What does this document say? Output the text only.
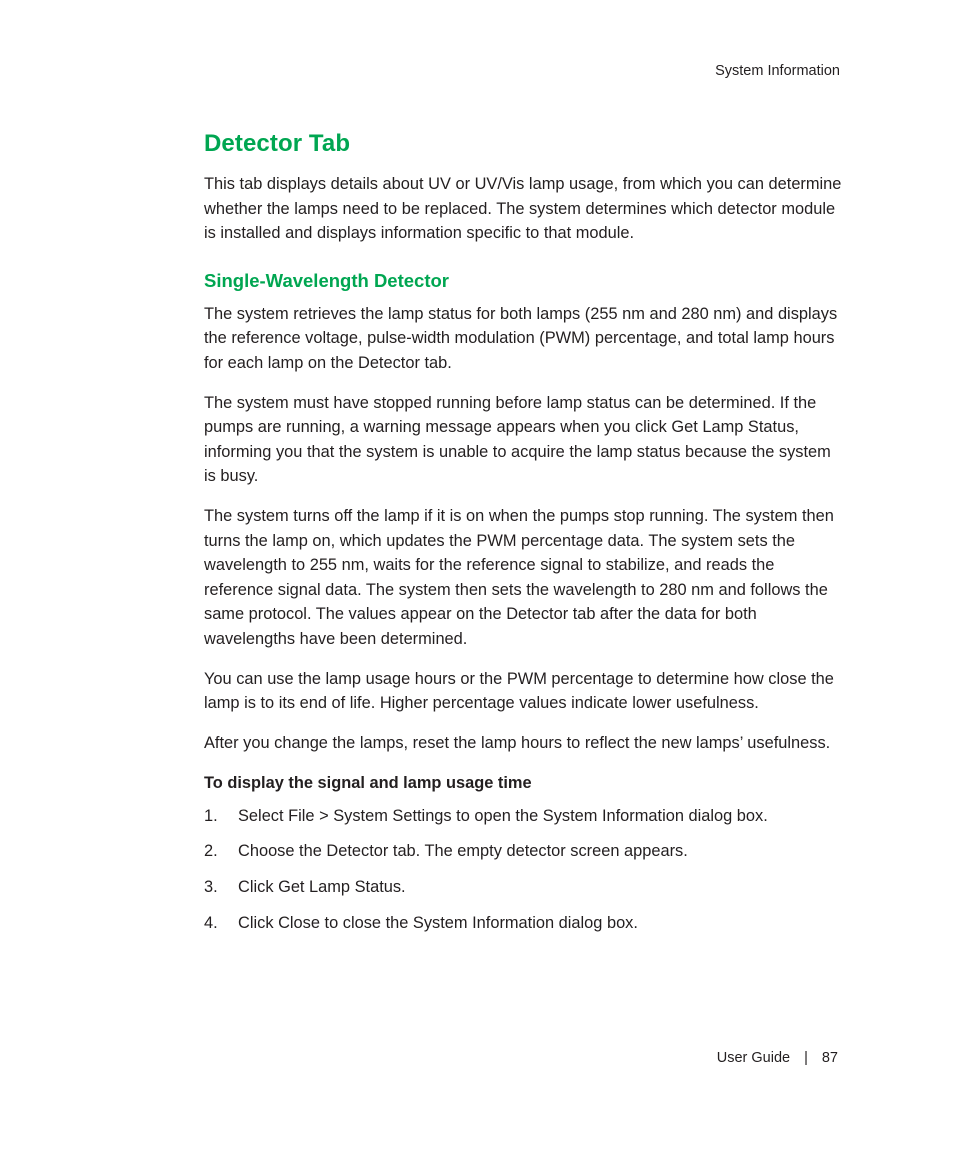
System Information
Detector Tab

This tab displays details about UV or UV/Vis lamp usage, from which you can determine whether the lamps need to be replaced. The system determines which detector module is installed and displays information specific to that module.

Single-Wavelength Detector

The system retrieves the lamp status for both lamps (255 nm and 280 nm) and displays the reference voltage, pulse-width modulation (PWM) percentage, and total lamp hours for each lamp on the Detector tab.

The system must have stopped running before lamp status can be determined. If the pumps are running, a warning message appears when you click Get Lamp Status, informing you that the system is unable to acquire the lamp status because the system is busy.

The system turns off the lamp if it is on when the pumps stop running. The system then turns the lamp on, which updates the PWM percentage data. The system sets the wavelength to 255 nm, waits for the reference signal to stabilize, and reads the reference signal data. The system then sets the wavelength to 280 nm and follows the same protocol. The values appear on the Detector tab after the data for both wavelengths have been determined.

You can use the lamp usage hours or the PWM percentage to determine how close the lamp is to its end of life. Higher percentage values indicate lower usefulness.

After you change the lamps, reset the lamp hours to reflect the new lamps’ usefulness.

To display the signal and lamp usage time
1.	Select File > System Settings to open the System Information dialog box.
2.	Choose the Detector tab. The empty detector screen appears.
3.	Click Get Lamp Status.
4.	Click Close to close the System Information dialog box.
User Guide | 87
